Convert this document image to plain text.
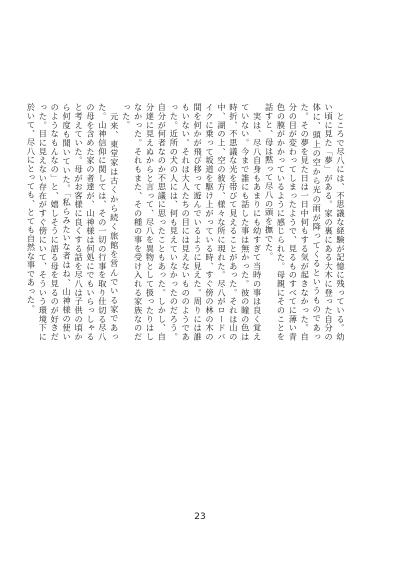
　ところで尽八には、不思議な経験が記憶に残っている。幼い頃に見た「夢」がある。家の裏にある大木に登った自分の体に、頭上の空から光の雨が降ってくるというものであった。その夢を見た日は一日中何もする気が起きなかった。自分の目が変わってしまったようで、見るものすべてに薄い青色の膜がかかっているように感じられた。母親にそのことを話すと、母は黙って尽八の頭を撫でた。

　実は、尽八自身もあまりにも幼すぎて当時の事は良く覚えていない。今まで誰にも話した事は無かった。彼の瞳の色は時折、不思議な光を帯びて見えることがあった。それは山の中、湖の上、空の彼方、様々な所に現れた。尽八がロードバイクに乗って坂道を駆け上がっている時、すぐ傍の林の木の間を何かが飛び移って遊んでいるように見えた。周りには誰もいない。それは大人たちの目には見えないもののようであった。近所の犬の人には、何も見えていなかったのだろう。自分が何者なのか不思議に思ったこともあった。しかし、自分達に見えぬからと言って、尽八を異物として扱ったりはしなかった。それもまた、その種の事を受け入れる家族なのだった。

　元来、東堂家は古くから続く旅館を営んでいる家であった。山神信仰に関しては、その一切の行事を取り仕切る尽八の母を含めた家の者達が、山神様は何処にでもいらっしゃると考えていた。母がお客様に良くする話を尽八は子供の頃から何度も聞いていた。「私らみたいな者はね、山神様の使いのようなもんなの」と、嬉しそうに語る母を見るのが好きだった。目に見えない存在がすぐ傍にいて、そういう環境下に於いて、尽八にとっても、とても自然な事であった。

23
